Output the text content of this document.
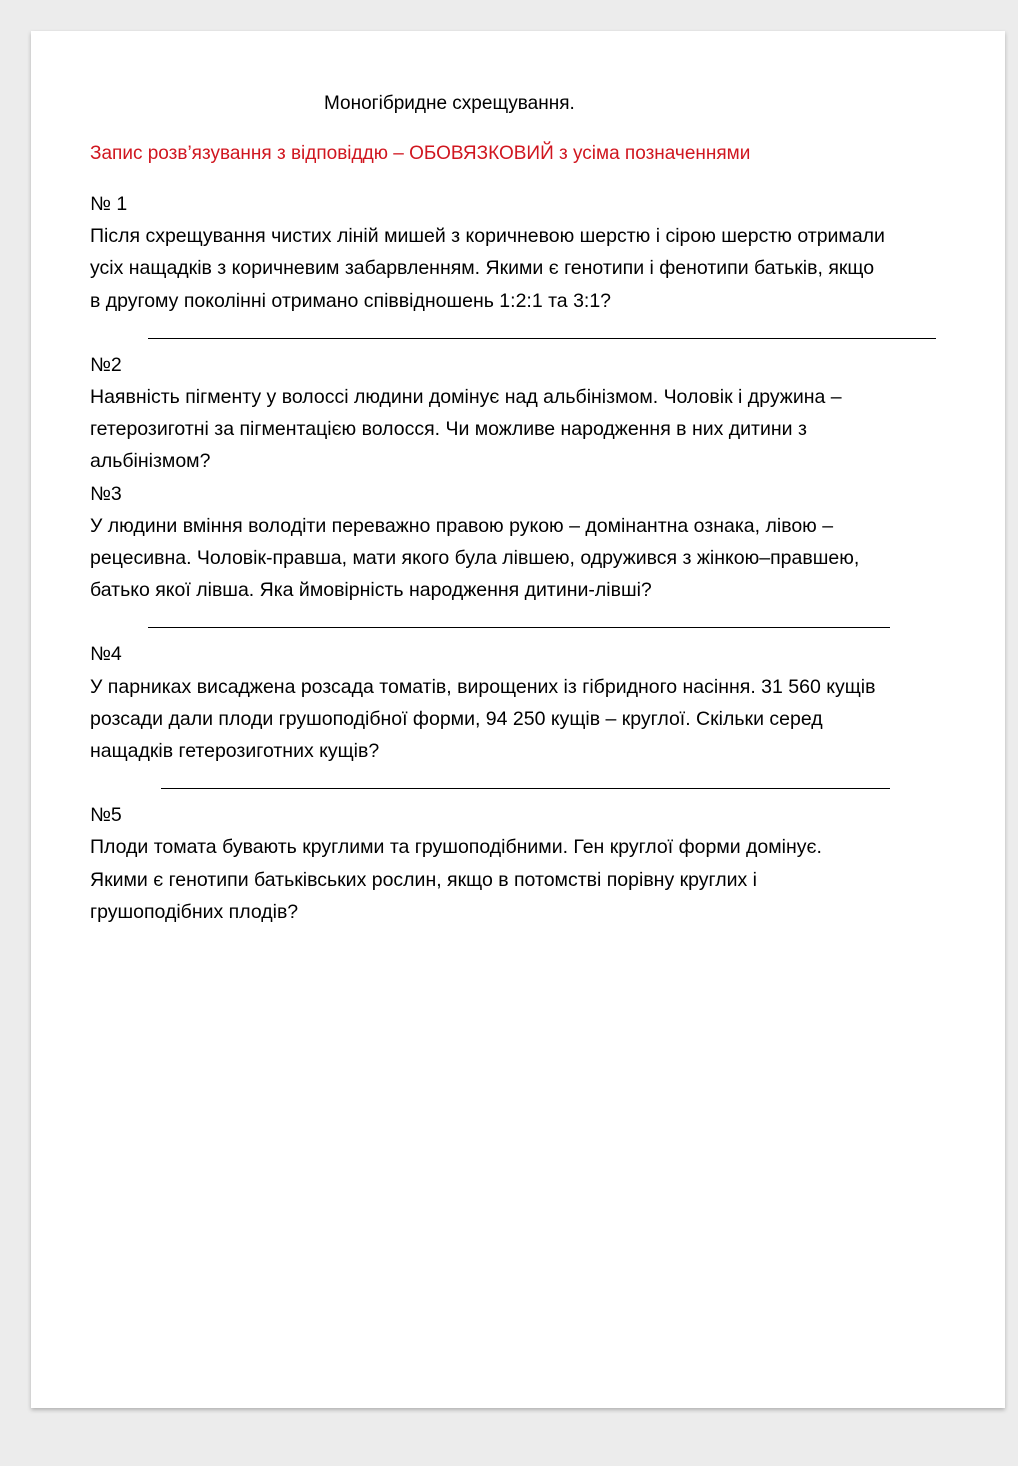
Моногібридне схрещування.
Запис розв’язування з відповіддю – ОБОВЯЗКОВИЙ з усіма позначеннями
№ 1

Після схрещування чистих ліній мишей з коричневою шерстю і сірою шерстю отримали
усіх нащадків з коричневим забарвленням. Якими є генотипи і фенотипи батьків, якщо
в другому поколінні отримано співвідношень 1:2:1 та 3:1?

№2

Наявність пігменту у волоссі людини домінує над альбінізмом. Чоловік і дружина –
гетерозиготні за пігментацією волосся. Чи можливе народження в них дитини з
альбінізмом?

№3

У людини вміння володіти переважно правою рукою – домінантна ознака, лівою –
рецесивна. Чоловік-правша, мати якого була лівшею, одружився з жінкою–правшею,
батько якої лівша. Яка ймовірність народження дитини-лівші?

№4

У парниках висаджена розсада томатів, вирощених із гібридного насіння. 31 560 кущів
розсади дали плоди грушоподібної форми, 94 250 кущів – круглої. Скільки серед
нащадків гетерозиготних кущів?

№5

Плоди томата бувають круглими та грушоподібними. Ген круглої форми домінує.
Якими є генотипи батьківських рослин, якщо в потомстві порівну круглих і
грушоподібних плодів?
